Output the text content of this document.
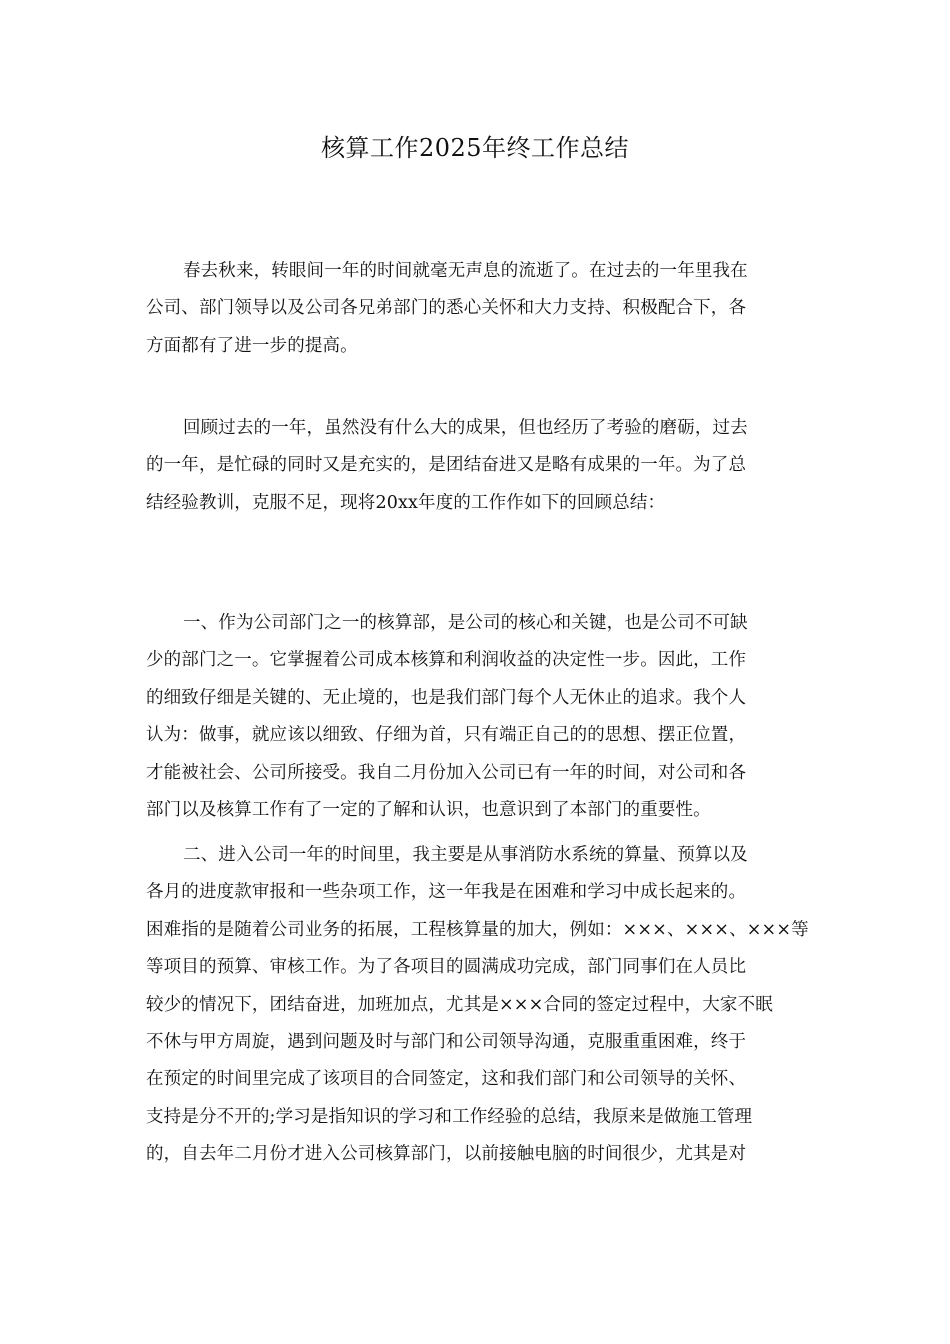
核算工作2025年终工作总结
春去秋来，转眼间一年的时间就毫无声息的流逝了。在过去的一年里我在
公司、部门领导以及公司各兄弟部门的悉心关怀和大力支持、积极配合下，各
方面都有了进一步的提高。
回顾过去的一年，虽然没有什么大的成果，但也经历了考验的磨砺，过去
的一年，是忙碌的同时又是充实的，是团结奋进又是略有成果的一年。为了总
结经验教训，克服不足，现将20xx年度的工作作如下的回顾总结：
一、作为公司部门之一的核算部，是公司的核心和关键，也是公司不可缺
少的部门之一。它掌握着公司成本核算和利润收益的决定性一步。因此，工作
的细致仔细是关键的、无止境的，也是我们部门每个人无休止的追求。我个人
认为：做事，就应该以细致、仔细为首，只有端正自己的的思想、摆正位置，
才能被社会、公司所接受。我自二月份加入公司已有一年的时间，对公司和各
部门以及核算工作有了一定的了解和认识，也意识到了本部门的重要性。
二、进入公司一年的时间里，我主要是从事消防水系统的算量、预算以及
各月的进度款审报和一些杂项工作，这一年我是在困难和学习中成长起来的。
困难指的是随着公司业务的拓展，工程核算量的加大，例如：×××、×××、×××等
等项目的预算、审核工作。为了各项目的圆满成功完成，部门同事们在人员比
较少的情况下，团结奋进，加班加点，尤其是×××合同的签定过程中，大家不眠
不休与甲方周旋，遇到问题及时与部门和公司领导沟通，克服重重困难，终于
在预定的时间里完成了该项目的合同签定，这和我们部门和公司领导的关怀、
支持是分不开的;学习是指知识的学习和工作经验的总结，我原来是做施工管理
的，自去年二月份才进入公司核算部门，以前接触电脑的时间很少，尤其是对
